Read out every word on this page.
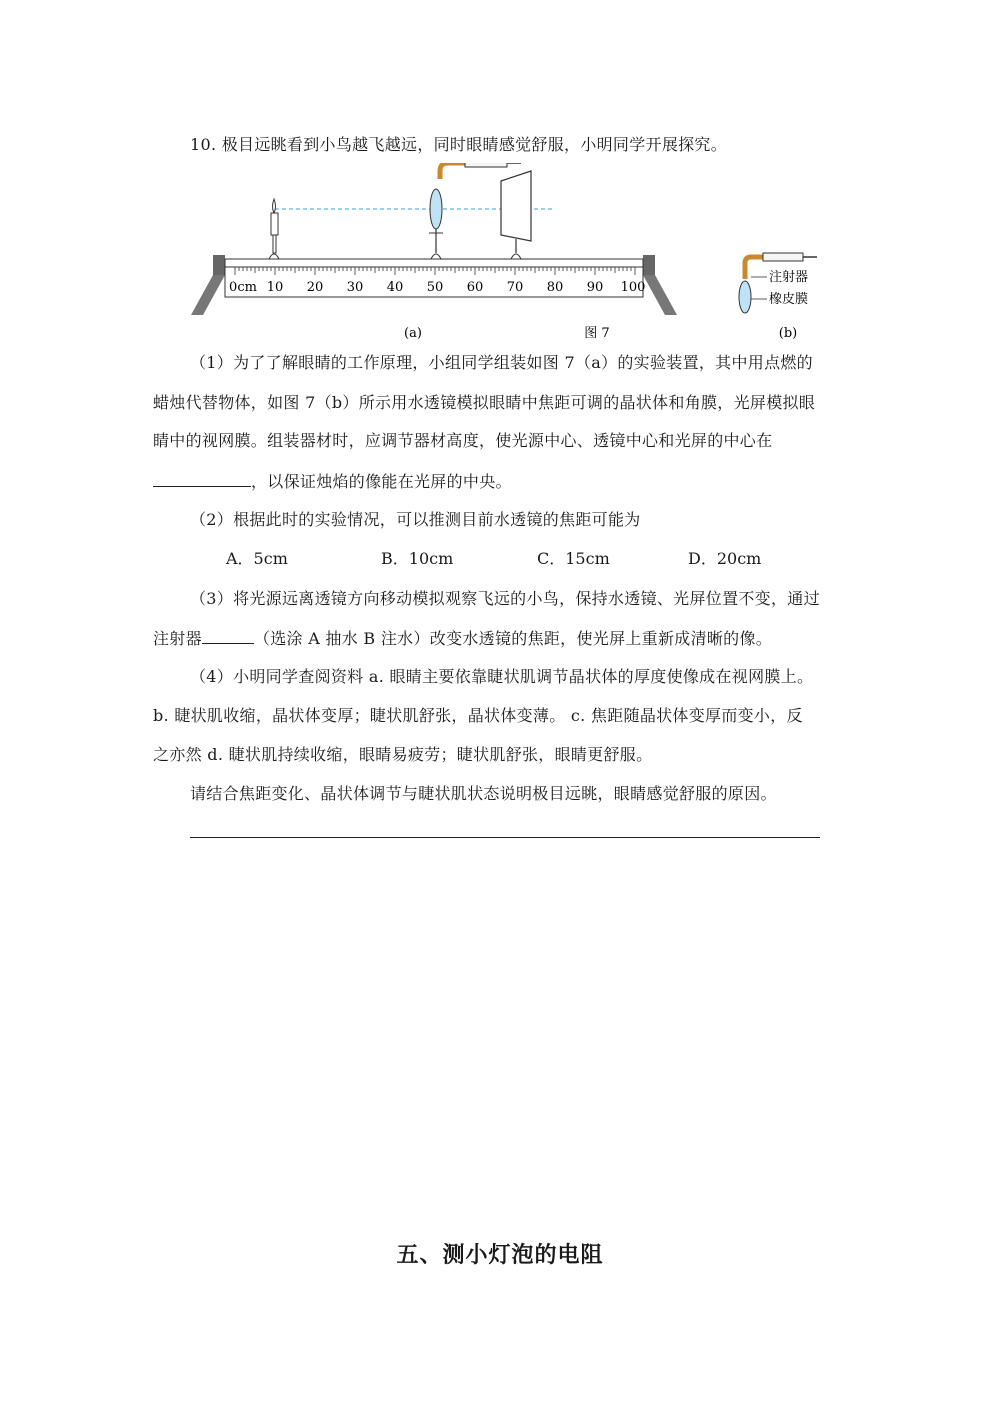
10. 极目远眺看到小鸟越飞越远，同时眼睛感觉舒服，小明同学开展探究。
0cm 10 20 30 40 50 60 70 80 90 100
(a)	图 7	(b)
注射器
橡皮膜
（1）为了了解眼睛的工作原理，小组同学组装如图 7（a）的实验装置，其中用点燃的
蜡烛代替物体，如图 7（b）所示用水透镜模拟眼睛中焦距可调的晶状体和角膜，光屏模拟眼
睛中的视网膜。组装器材时，应调节器材高度，使光源中心、透镜中心和光屏的中心在
，以保证烛焰的像能在光屏的中央。
（2）根据此时的实验情况，可以推测目前水透镜的焦距可能为
A．5cm	B．10cm	C．15cm	D．20cm
（3）将光源远离透镜方向移动模拟观察飞远的小鸟，保持水透镜、光屏位置不变，通过
注射器	（选涂 A 抽水 B 注水）改变水透镜的焦距，使光屏上重新成清晰的像。
（4）小明同学查阅资料 a. 眼睛主要依靠睫状肌调节晶状体的厚度使像成在视网膜上。
b. 睫状肌收缩，晶状体变厚；睫状肌舒张，晶状体变薄。 c. 焦距随晶状体变厚而变小，反
之亦然 d. 睫状肌持续收缩，眼睛易疲劳；睫状肌舒张，眼睛更舒服。
请结合焦距变化、晶状体调节与睫状肌状态说明极目远眺，眼睛感觉舒服的原因。
五、测小灯泡的电阻
